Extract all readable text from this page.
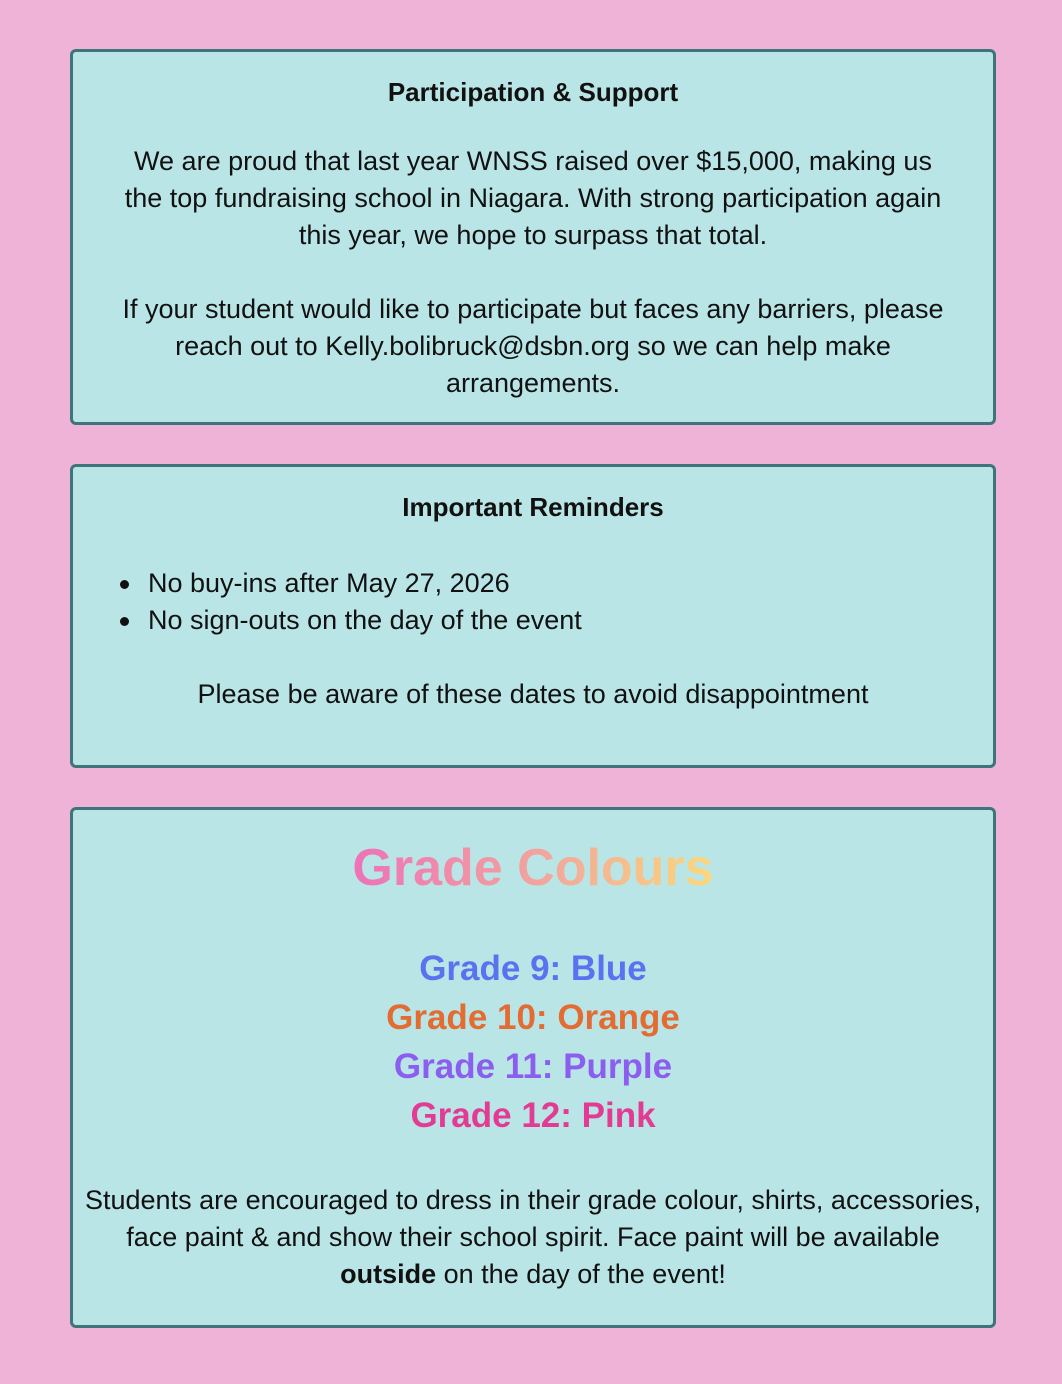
Participation & Support

We are proud that last year WNSS raised over $15,000, making us the top fundraising school in Niagara. With strong participation again this year, we hope to surpass that total.

If your student would like to participate but faces any barriers, please reach out to Kelly.bolibruck@dsbn.org so we can help make arrangements.

Important Reminders
No buy-ins after May 27, 2026
No sign-outs on the day of the event

Please be aware of these dates to avoid disappointment

Grade Colours

Grade 9: Blue

Grade 10: Orange

Grade 11: Purple

Grade 12: Pink

Students are encouraged to dress in their grade colour, shirts, accessories, face paint & and show their school spirit. Face paint will be available outside on the day of the event!
